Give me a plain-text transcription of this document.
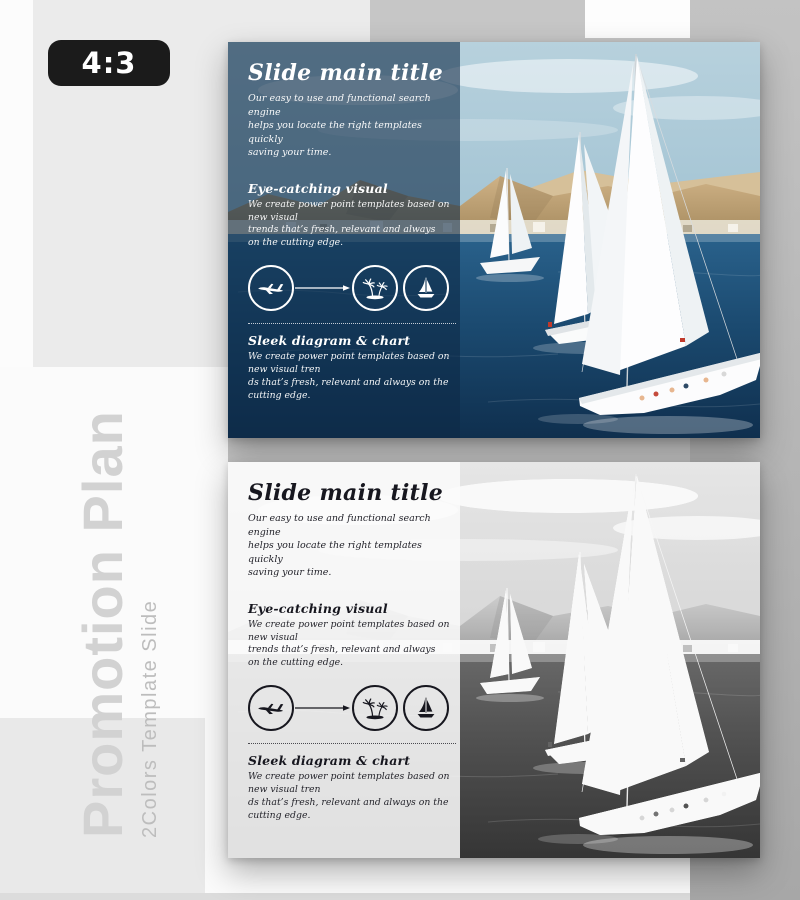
4:3
Promotion Plan 2Colors Template Slide
Slide main title
Our easy to use and functional search engine
helps you locate the right templates quickly
saving your time.
Eye-catching visual
We create power point templates based on new visual
trends that’s fresh, relevant and always
on the cutting edge.
Sleek diagram & chart
We create power point templates based on new visual tren
ds that’s fresh, relevant and always on the cutting edge.
Slide main title
Our easy to use and functional search engine
helps you locate the right templates quickly
saving your time.
Eye-catching visual
We create power point templates based on new visual
trends that’s fresh, relevant and always
on the cutting edge.
Sleek diagram & chart
We create power point templates based on new visual tren
ds that’s fresh, relevant and always on the cutting edge.
